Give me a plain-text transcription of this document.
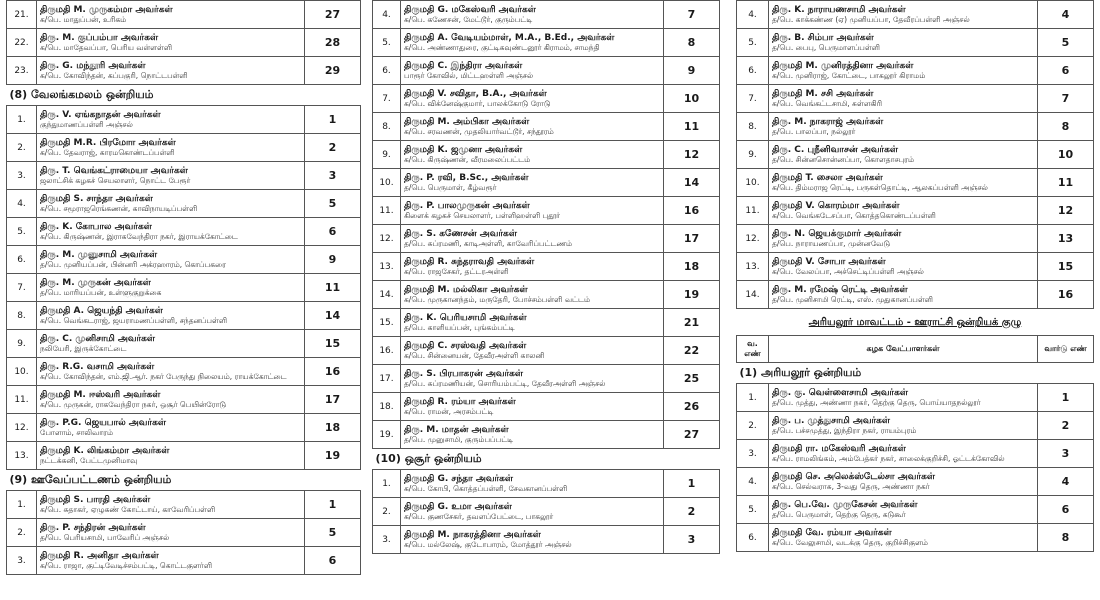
21.	திருமதி M. முருகம்மா அவர்கள்
க/பெ. மாதுப்பன், உரிகம்	27
22.	திரு. M. குப்பம்பா அவர்கள்
க/பெ. மாதேவப்பா, பெரிய வள்ளள்ளி	28
23.	திரு. G. மந்தூரி அவர்கள்
க/பெ. கோவிந்தன், கப்பகுரி, நொட்டபள்ளி	29
(8) வேலங்கமலம் ஒன்றியம்		
1.	திரு. V. ஏங்கநாதன் அவர்கள்
குந்துமாணப்பள்ளி அஞ்சல்	1
2.	திருமதி M.R. பிரமோா அவர்கள்
க/பெ. தேவராஜ், காரமகொண்டப்பள்ளி	2
3.	திரு. T. வெங்கட்ராமையா அவர்கள்
ஜலாட்சிக் கழகச் செயலாளர், நொட்ட பேரூர்	3
4.	திருமதி S. சாந்தா அவர்கள்
க/பெ. சமூராஜரெங்கணன், காவிநாயடிப்பள்ளி	5
5.	திரு. K. கோபால அவர்கள்
க/பெ. கிருஷ்ணன், இராகவேந்திரா நகர், இராயக்கோட்டை	6
6.	திரு. M. முனுசாமி அவர்கள்
த/பெ. முனியப்பன், பின்னரி அக்ரஹாரம், கொப்பகரை	9
7.	திரு. M. முருகன் அவர்கள்
த/பெ. மாரியப்பன், உள்ளுகுறுக்கை	11
8.	திருமதி A. ஜெயந்தி அவர்கள்
க/பெ. வெங்கடராஜ், ஜயராமணப்பள்ளி, சந்தனப்பள்ளி	14
9.	திரு. C. முனிசாமி அவர்கள்
நலியேரி, இருக்கோட்டை	15
10.	திரு. R.G. வசாமி அவர்கள்
க/பெ. கோவிந்தன், எம்.ஜி.ஆர். நகர் பேருந்து நிலையம், ராயக்கோட்டை	16
11.	திருமதி M. ஈஸ்வரி அவர்கள்
க/பெ. முருகன், ராகவேந்திரா நகர், ஒசூர் பெயின்ரோடு	17
12.	திரு. P.G. ஜெயபால் அவர்கள்
போளாம், சாலிவாரம்	18
13.	திருமதி K. லிங்கம்மா அவர்கள்
நட்டக்கனி, பேட்டமுனிமாவு	19
(9) ஊவேப்பட்டணம் ஒன்றியம்		
1.	திருமதி S. பாரதி அவர்கள்
க/பெ. சுதாகர், ஏழுகண் கோட்டாய், காவேரிப்பள்ளி	1
2.	திரு. P. சந்திரன் அவர்கள்
த/பெ. பெரியசாமி, பாவேரிப் அஞ்சல்	5
3.	திருமதி R. அனிதா அவர்கள்
க/பெ. ராஜா, குட்டிவேடிச்சம்பட்டி, கொட்டகுளர்ளி	6
4.	திருமதி G. மகேஸ்வரி அவர்கள்
க/பெ. கணேசன், மேட்டூர், குரும்பட்டி	7
5.	திருமதி A. வேடியம்மாள், M.A., B.Ed., அவர்கள்
க/பெ. அண்ணாதுரை, குட்டிகவுண்டனூர் கிராமம், சாமந்தி	8
6.	திருமதி C. இந்திரா அவர்கள்
பாரூர் கோவில், மிட்டஹள்ளி அஞ்சல்	9
7.	திருமதி V. சவிதா, B.A., அவர்கள்
க/பெ. விக்னேஷ்குமார், பாலக்கோடு ரோடு	10
8.	திருமதி M. அம்பிகா அவர்கள்
க/பெ. சரவணன், முதலியார்வட்டூர், சந்தூரம்	11
9.	திருமதி K. ஜமுனா அவர்கள்
க/பெ. கிருஷ்ணன், வீரமலைப்பட்டம்	12
10.	திரு. P. ரவி, B.Sc., அவர்கள்
த/பெ. பெருமாள், கீழ்வரூர்	14
11.	திரு. P. பாலமுருகன் அவர்கள்
கிளைக் கழகச் செயலாளர், பள்ளிஹள்ளி புதூர்	16
12.	திரு. S. கணேசன் அவர்கள்
த/பெ. சுப்ரமணி, காடிஅள்ளி, காவேரிப்பட்டணம்	17
13.	திருமதி R. சுந்தராவதி அவர்கள்
க/பெ. ராஜசேகர், தட்டரஅள்ளி	18
14.	திருமதி M. மல்லிகா அவர்கள்
க/பெ. முருகானந்தம், மருதேரி, போச்சம்பள்ளி வட்டம்	19
15.	திரு. K. பெரியசாமி அவர்கள்
த/பெ. காளியப்பன், புங்கம்பட்டி	21
16.	திருமதி C. சரஸ்வதி அவர்கள்
க/பெ. சின்னையன், தேவீரஅள்ளி காலனி	22
17.	திரு. S. பிரபாகரன் அவர்கள்
த/பெ. சுப்ரமணியன், சொரியம்பட்டி, தேவீரஅள்ளி அஞ்சல்	25
18.	திருமதி R. ரம்யா அவர்கள்
க/பெ. ராமன், அரசம்பட்டி	26
19.	திரு. M. மாதன் அவர்கள்
த/பெ. முனுசாமி, குரும்பப்பட்டி	27
(10) ஒசூர் ஒன்றியம்		
1.	திருமதி G. சந்தா அவர்கள்
க/பெ. கோபி, கொத்தப்பள்ளி, சேவகானப்பள்ளி	1
2.	திருமதி G. உமா அவர்கள்
க/பெ. குணசேகர், தவளப்பேட்டை, பாகலூர்	2
3.	திருமதி M. நாகரத்தினா அவர்கள்
க/பெ. மல்லேஷ், குடோபாரம், மோத்தூர் அஞ்சல்	3
4.	திரு. K. நாராயணசாமி அவர்கள்
த/பெ. காக்கண்ண (ஏ) முனியப்பா, தேவீரப்பள்ளி அஞ்சல்	4
5.	திரு. B. சிம்பா அவர்கள்
த/பெ. பைபு, பெருமாளப்பள்ளி	5
6.	திருமதி M. முனிரத்தினா அவர்கள்
க/பெ. முனிராஜ், கோட்டை, பாகலூர் கிராமம்	6
7.	திருமதி M. சசி அவர்கள்
க/பெ. வெங்கட்டசாமி, சுள்ளகிரி	7
8.	திரு. M. நாகராஜ் அவர்கள்
த/பெ. பாலப்பா, நல்லூர்	8
9.	திரு. C. புநீனிவாசன் அவர்கள்
த/பெ. சின்னசொன்னப்பா, கொளதாசபுரம்	10
10.	திருமதி T. சைலா அவர்கள்
க/பெ. திம்மராஜ ரெட்டி, பருகள்தொட்டி, ஆலகப்பள்ளி அஞ்சல்	11
11.	திருமதி V. கொரம்மா அவர்கள்
க/பெ. வெங்கடேசப்பா, கொத்தகொண்டப்பள்ளி	12
12.	திரு. N. ஜெயக்குமார் அவர்கள்
த/பெ. நாராயணப்பா, முன்னவேடு	13
13.	திருமதி V. சோபா அவர்கள்
க/பெ. வேலப்பா, அச்செட்டிப்பள்ளி அஞ்சல்	15
14.	திரு. M. ரமேஷ் ரெட்டி அவர்கள்
த/பெ. முனிசாமி ரெட்டி, எஸ். முதுகானப்பள்ளி	16
அரியலூர் மாவட்டம் - ஊராட்சி ஒன்றியக் குழு
வ. எண்	கழக வேட்பாளர்கள்	வார்டு எண்
(1) அரியலூர் ஒன்றியம்		
1.	திரு. கு. வெள்ளைசாமி அவர்கள்
த/பெ. முத்து, அண்ணா நகர், தெற்கு தெரு, பொய்யாதநல்லூர்	1
2.	திரு. ப. முத்துசாமி அவர்கள்
த/பெ. பச்சமுத்து, இந்திரா நகர், ராயம்புரம்	2
3.	திருமதி ரா. மகேஸ்வரி அவர்கள்
க/பெ. ராமலிங்கம், அம்பேத்கர் நகர், சாலைக்குறிச்சி, ஓட்டக்கோவில்	3
4.	திருமதி செ. அலெக்ஸ்டேல்சா அவர்கள்
க/பெ. செல்வராசு, 3-வது தெரு, அண்ணா நகர்	4
5.	திரு. பெ.வே. முருகேசன் அவர்கள்
த/பெ. பெருமாள், தெற்கு தெரு, கடுகூர்	6
6.	திருமதி வே. ரம்யா அவர்கள்
க/பெ. வேலுசாமி, வடக்கு தெரு, குறிச்சிகுளம்	8
